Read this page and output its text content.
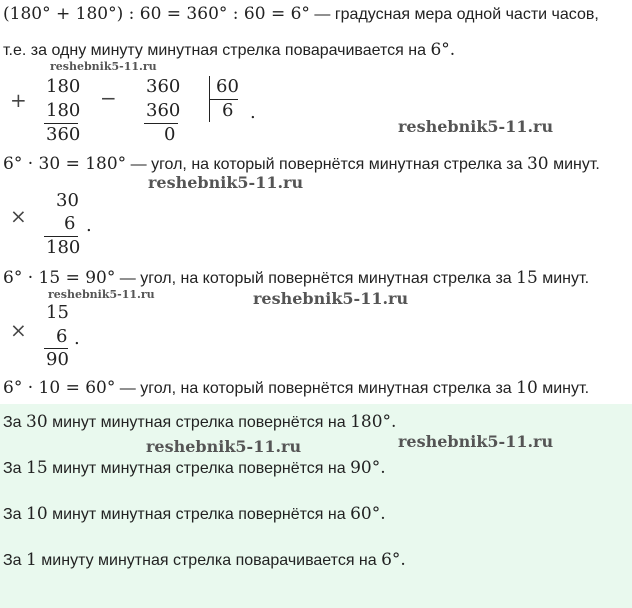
(180° + 180°) : 60 = 360° : 60 = 6° — градусная мера одной части часов,
т.е. за одну минуту минутная стрелка поварачивается на 6°.
+
180
180
360
− 360
360
0
60
6 .
6° · 30 = 180° — угол, на который повернётся минутная стрелка за 30 минут.
×
30
6
180
.
6° · 15 = 90° — угол, на который повернётся минутная стрелка за 15 минут.
×
15
6
90
.
6° · 10 = 60° — угол, на который повернётся минутная стрелка за 10 минут.
За 30 минут минутная стрелка повернётся на 180°.
За 15 минут минутная стрелка повернётся на 90°.
За 10 минут минутная стрелка повернётся на 60°.
За 1 минуту минутная стрелка поварачивается на 6°.
reshebnik5-11.ru
reshebnik5-11.ru
reshebnik5-11.ru
reshebnik5-11.ru	reshebnik5-11.ru
reshebnik5-11.ru	reshebnik5-11.ru
